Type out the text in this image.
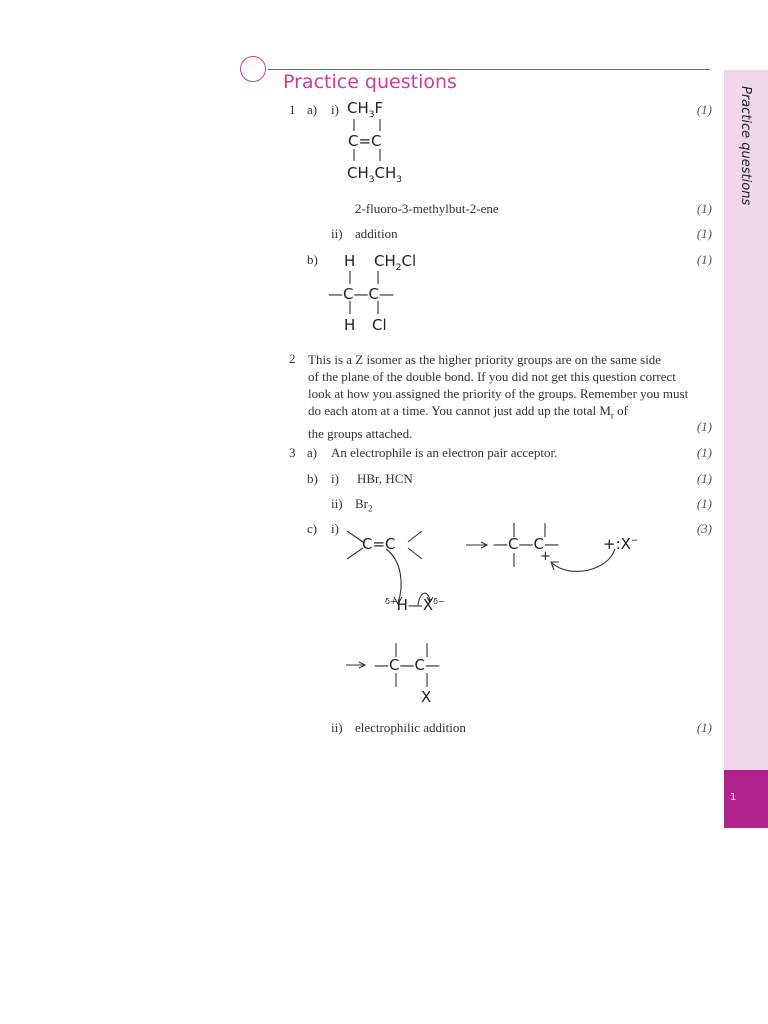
Practice questions
1
Practice questions
1 a) i)	(1)
$CH_3F$
C=C
$CH_3CH_3$
2-fluoro-3-methylbut-2-ene	(1)
ii) addition	(1)
b)	(1)
H $CH_2Cl$
—C—C—
H Cl
2 This is a Z isomer as the higher priority groups are on the same side
of the plane of the double bond. If you did not get this question correct
look at how you assigned the priority of the groups. Remember you must
do each atom at a time. You cannot just add up the total $M_r$ of
the groups attached.	(1)
3 a) An electrophile is an electron pair acceptor.	(1)
b) i) HBr, HCN	(1)
ii) $Br_2$	(1)
c) i)	(3)
C=C	—C—C—
+
+:X−
$^{\delta+}H—X^{\delta-}$
—C—C—
X
ii) electrophilic addition	(1)
